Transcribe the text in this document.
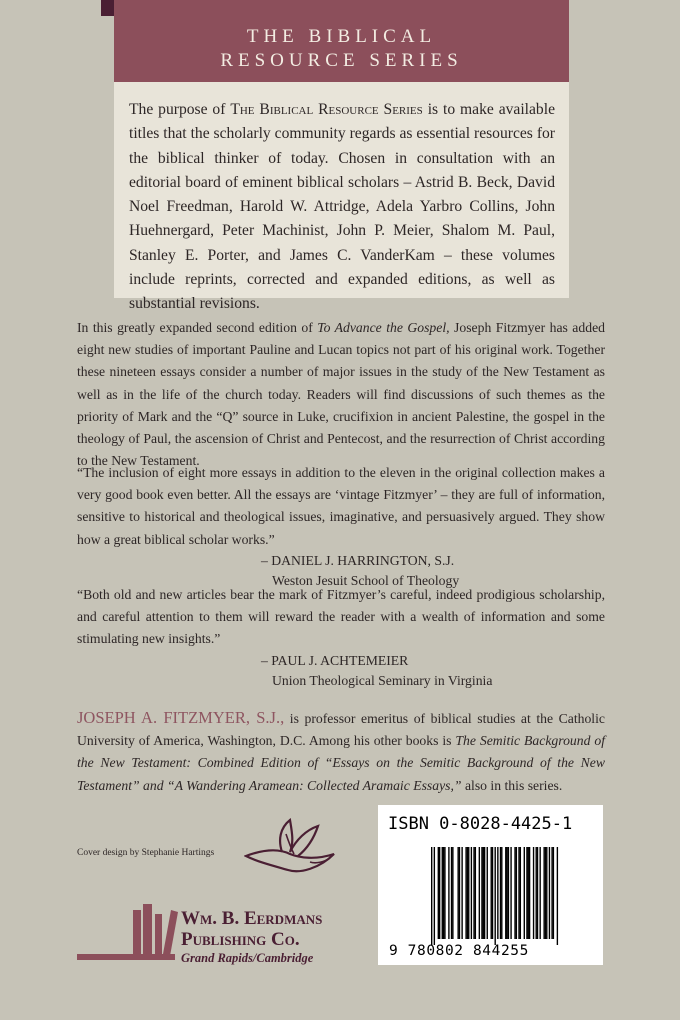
THE BIBLICAL
RESOURCE SERIES
The purpose of The Biblical Resource Series is to make available titles that the scholarly community regards as essential resources for the biblical thinker of today. Chosen in consultation with an editorial board of eminent biblical scholars – Astrid B. Beck, David Noel Freedman, Harold W. Attridge, Adela Yarbro Collins, John Huehnergard, Peter Machinist, John P. Meier, Shalom M. Paul, Stanley E. Porter, and James C. VanderKam – these volumes include reprints, corrected and expanded editions, as well as substantial revisions.
In this greatly expanded second edition of To Advance the Gospel, Joseph Fitzmyer has added eight new studies of important Pauline and Lucan topics not part of his original work. Together these nineteen essays consider a number of major issues in the study of the New Testament as well as in the life of the church today. Readers will find discussions of such themes as the priority of Mark and the “Q” source in Luke, crucifixion in ancient Palestine, the gospel in the theology of Paul, the ascension of Christ and Pentecost, and the resurrection of Christ according to the New Testament.
“The inclusion of eight more essays in addition to the eleven in the original collection makes a very good book even better. All the essays are ‘vintage Fitzmyer’ – they are full of information, sensitive to historical and theological issues, imaginative, and persuasively argued. They show how a great biblical scholar works.”
– DANIEL J. HARRINGTON, S.J.
Weston Jesuit School of Theology
“Both old and new articles bear the mark of Fitzmyer’s careful, indeed prodigious scholarship, and careful attention to them will reward the reader with a wealth of information and some stimulating new insights.”
– PAUL J. ACHTEMEIER
Union Theological Seminary in Virginia
JOSEPH A. FITZMYER, S.J., is professor emeritus of biblical studies at the Catholic University of America, Washington, D.C. Among his other books is The Semitic Background of the New Testament: Combined Edition of “Essays on the Semitic Background of the New Testament” and “A Wandering Aramean: Collected Aramaic Essays,” also in this series.
Cover design by Stephanie Hartings
Wm. B. Eerdmans
Publishing Co.
Grand Rapids/Cambridge
ISBN 0-8028-4425-1
9 780802 844255
